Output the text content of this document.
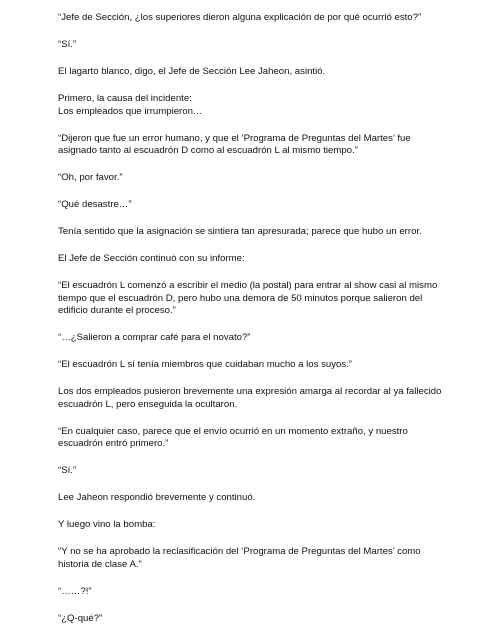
“Jefe de Sección, ¿los superiores dieron alguna explicación de por qué ocurrió esto?”

“Sí.”

El lagarto blanco, digo, el Jefe de Sección Lee Jaheon, asintió.

Primero, la causa del incidente:
Los empleados que irrumpieron…

“Dijeron que fue un error humano, y que el ‘Programa de Preguntas del Martes’ fue
asignado tanto al escuadrón D como al escuadrón L al mismo tiempo.”

“Oh, por favor.”

“Qué desastre…”

Tenía sentido que la asignación se sintiera tan apresurada; parece que hubo un error.

El Jefe de Sección continuó con su informe:

“El escuadrón L comenzó a escribir el medio (la postal) para entrar al show casi al mismo
tiempo que el escuadrón D, pero hubo una demora de 50 minutos porque salieron del
edificio durante el proceso.”

“…¿Salieron a comprar café para el novato?”

“El escuadrón L sí tenía miembros que cuidaban mucho a los suyos.”

Los dos empleados pusieron brevemente una expresión amarga al recordar al ya fallecido
escuadrón L, pero enseguida la ocultaron.

“En cualquier caso, parece que el envío ocurrió en un momento extraño, y nuestro
escuadrón entró primero.”

“Sí.”

Lee Jaheon respondió brevemente y continuó.

Y luego vino la bomba:

“Y no se ha aprobado la reclasificación del ‘Programa de Preguntas del Martes’ como
historia de clase A.”

“……?!”

“¿Q-qué?”
